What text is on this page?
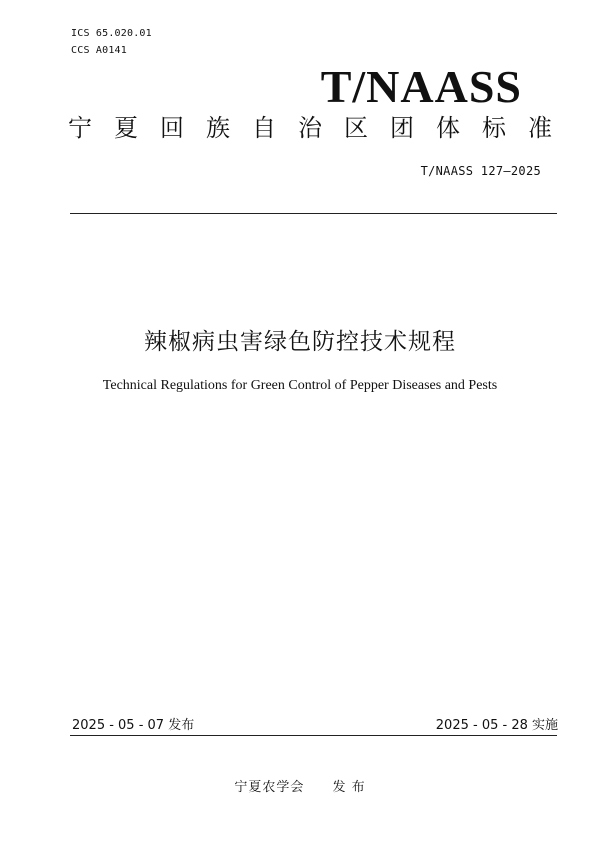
ICS 65.020.01
CCS A0141
T/NAASS
宁 夏 回 族 自 治 区 团 体 标 准
T/NAASS 127—2025
辣椒病虫害绿色防控技术规程
Technical Regulations for Green Control of Pepper Diseases and Pests
2025 - 05 - 07 发布	2025 - 05 - 28 实施
宁夏农学会 发 布
